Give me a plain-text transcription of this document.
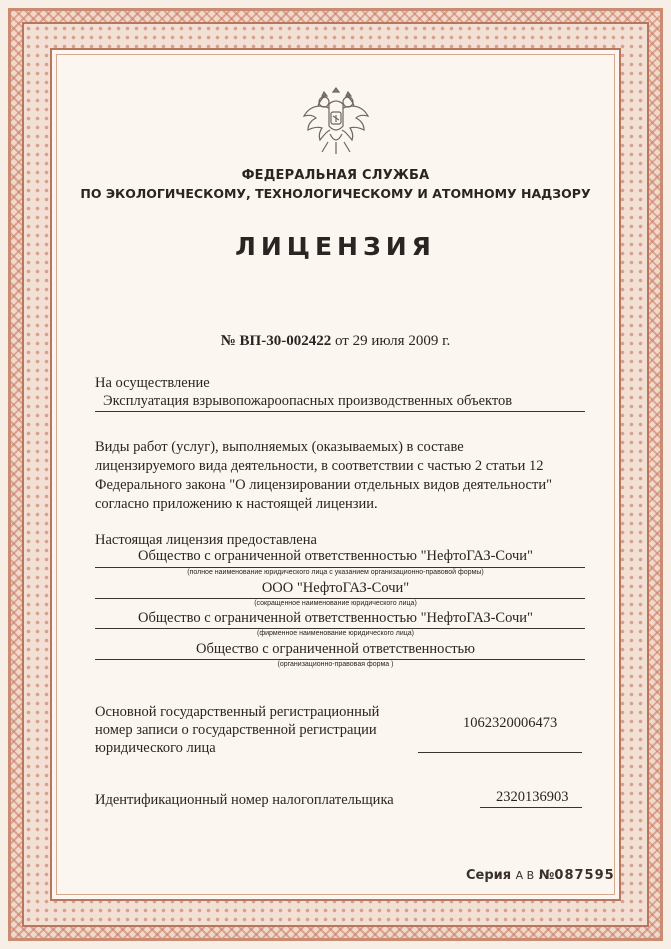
ФЕДЕРАЛЬНАЯ СЛУЖБА
ПО ЭКОЛОГИЧЕСКОМУ, ТЕХНОЛОГИЧЕСКОМУ И АТОМНОМУ НАДЗОРУ
ЛИЦЕНЗИЯ
№ ВП-30-002422 от 29 июля 2009 г.
На осуществление
Эксплуатация взрывопожароопасных производственных объектов
Виды работ (услуг), выполняемых (оказываемых) в составе
лицензируемого вида деятельности, в соответствии с частью 2 статьи 12
Федерального закона "О лицензировании отдельных видов деятельности"
согласно приложению к настоящей лицензии.
Настоящая лицензия предоставлена
Общество с ограниченной ответственностью "НефтоГАЗ-Сочи"
(полное наименование юридического лица с указанием организационно-правовой формы)
ООО "НефтоГАЗ-Сочи"
(сокращенное наименование юридического лица)
Общество с ограниченной ответственностью "НефтоГАЗ-Сочи"
(фирменное наименование юридического лица)
Общество с ограниченной ответственностью
(организационно-правовая форма )
Основной государственный регистрационный
номер записи о государственной регистрации
юридического лица
1062320006473
Идентификационный номер налогоплательщика	2320136903
Серия А В №087595
